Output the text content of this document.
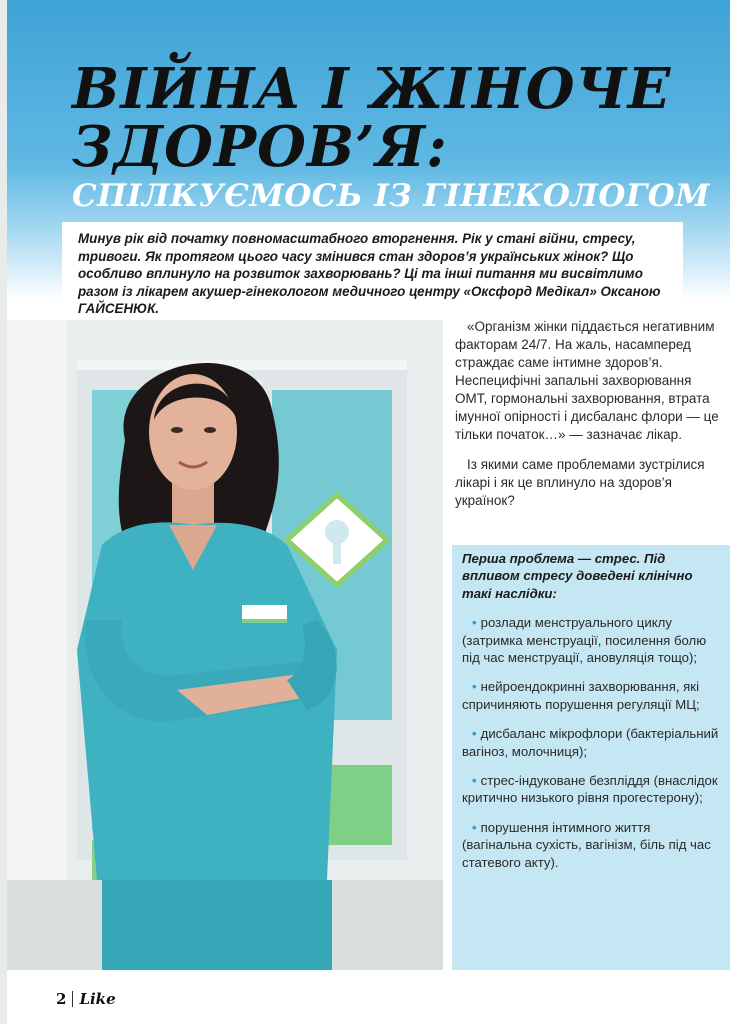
ВІЙНА І ЖІНОЧЕ ЗДОРОВ’Я:
СПІЛКУЄМОСЬ ІЗ ГІНЕКОЛОГОМ

Минув рік від початку повномасштабного вторгнення. Рік у стані війни, стресу, тривоги. Як протягом цього часу змінився стан здоров’я українських жінок? Що особливо вплинуло на розвиток захворювань? Ці та інші питання ми висвітлимо разом із лікарем акушер-гінекологом медичного центру «Оксфорд Медікал» Оксаною ГАЙСЕНЮК.

«Організм жінки піддається негативним факторам 24/7. На жаль, насамперед страждає саме інтимне здоров’я. Неспецифічні запальні захворювання ОМТ, гормональні захворювання, втрата імунної опірності і дисбаланс флори — це тільки початок…» — зазначає лікар.

Із якими саме проблемами зустрілися лікарі і як це вплинуло на здоров’я українок?

Перша проблема — стрес. Під впливом стресу доведені клінічно такі наслідки:

• розлади менструального циклу (затримка менструації, посилення болю під час менструації, ановуляція тощо);
• нейроендокринні захворювання, які спричиняють порушення регуляції МЦ;
• дисбаланс мікрофлори (бактеріальний вагіноз, молочниця);
• стрес-індуковане безпліддя (внаслідок критично низького рівня прогестерону);
• порушення інтимного життя (вагінальна сухість, вагінізм, біль під час статевого акту).
2 Like
